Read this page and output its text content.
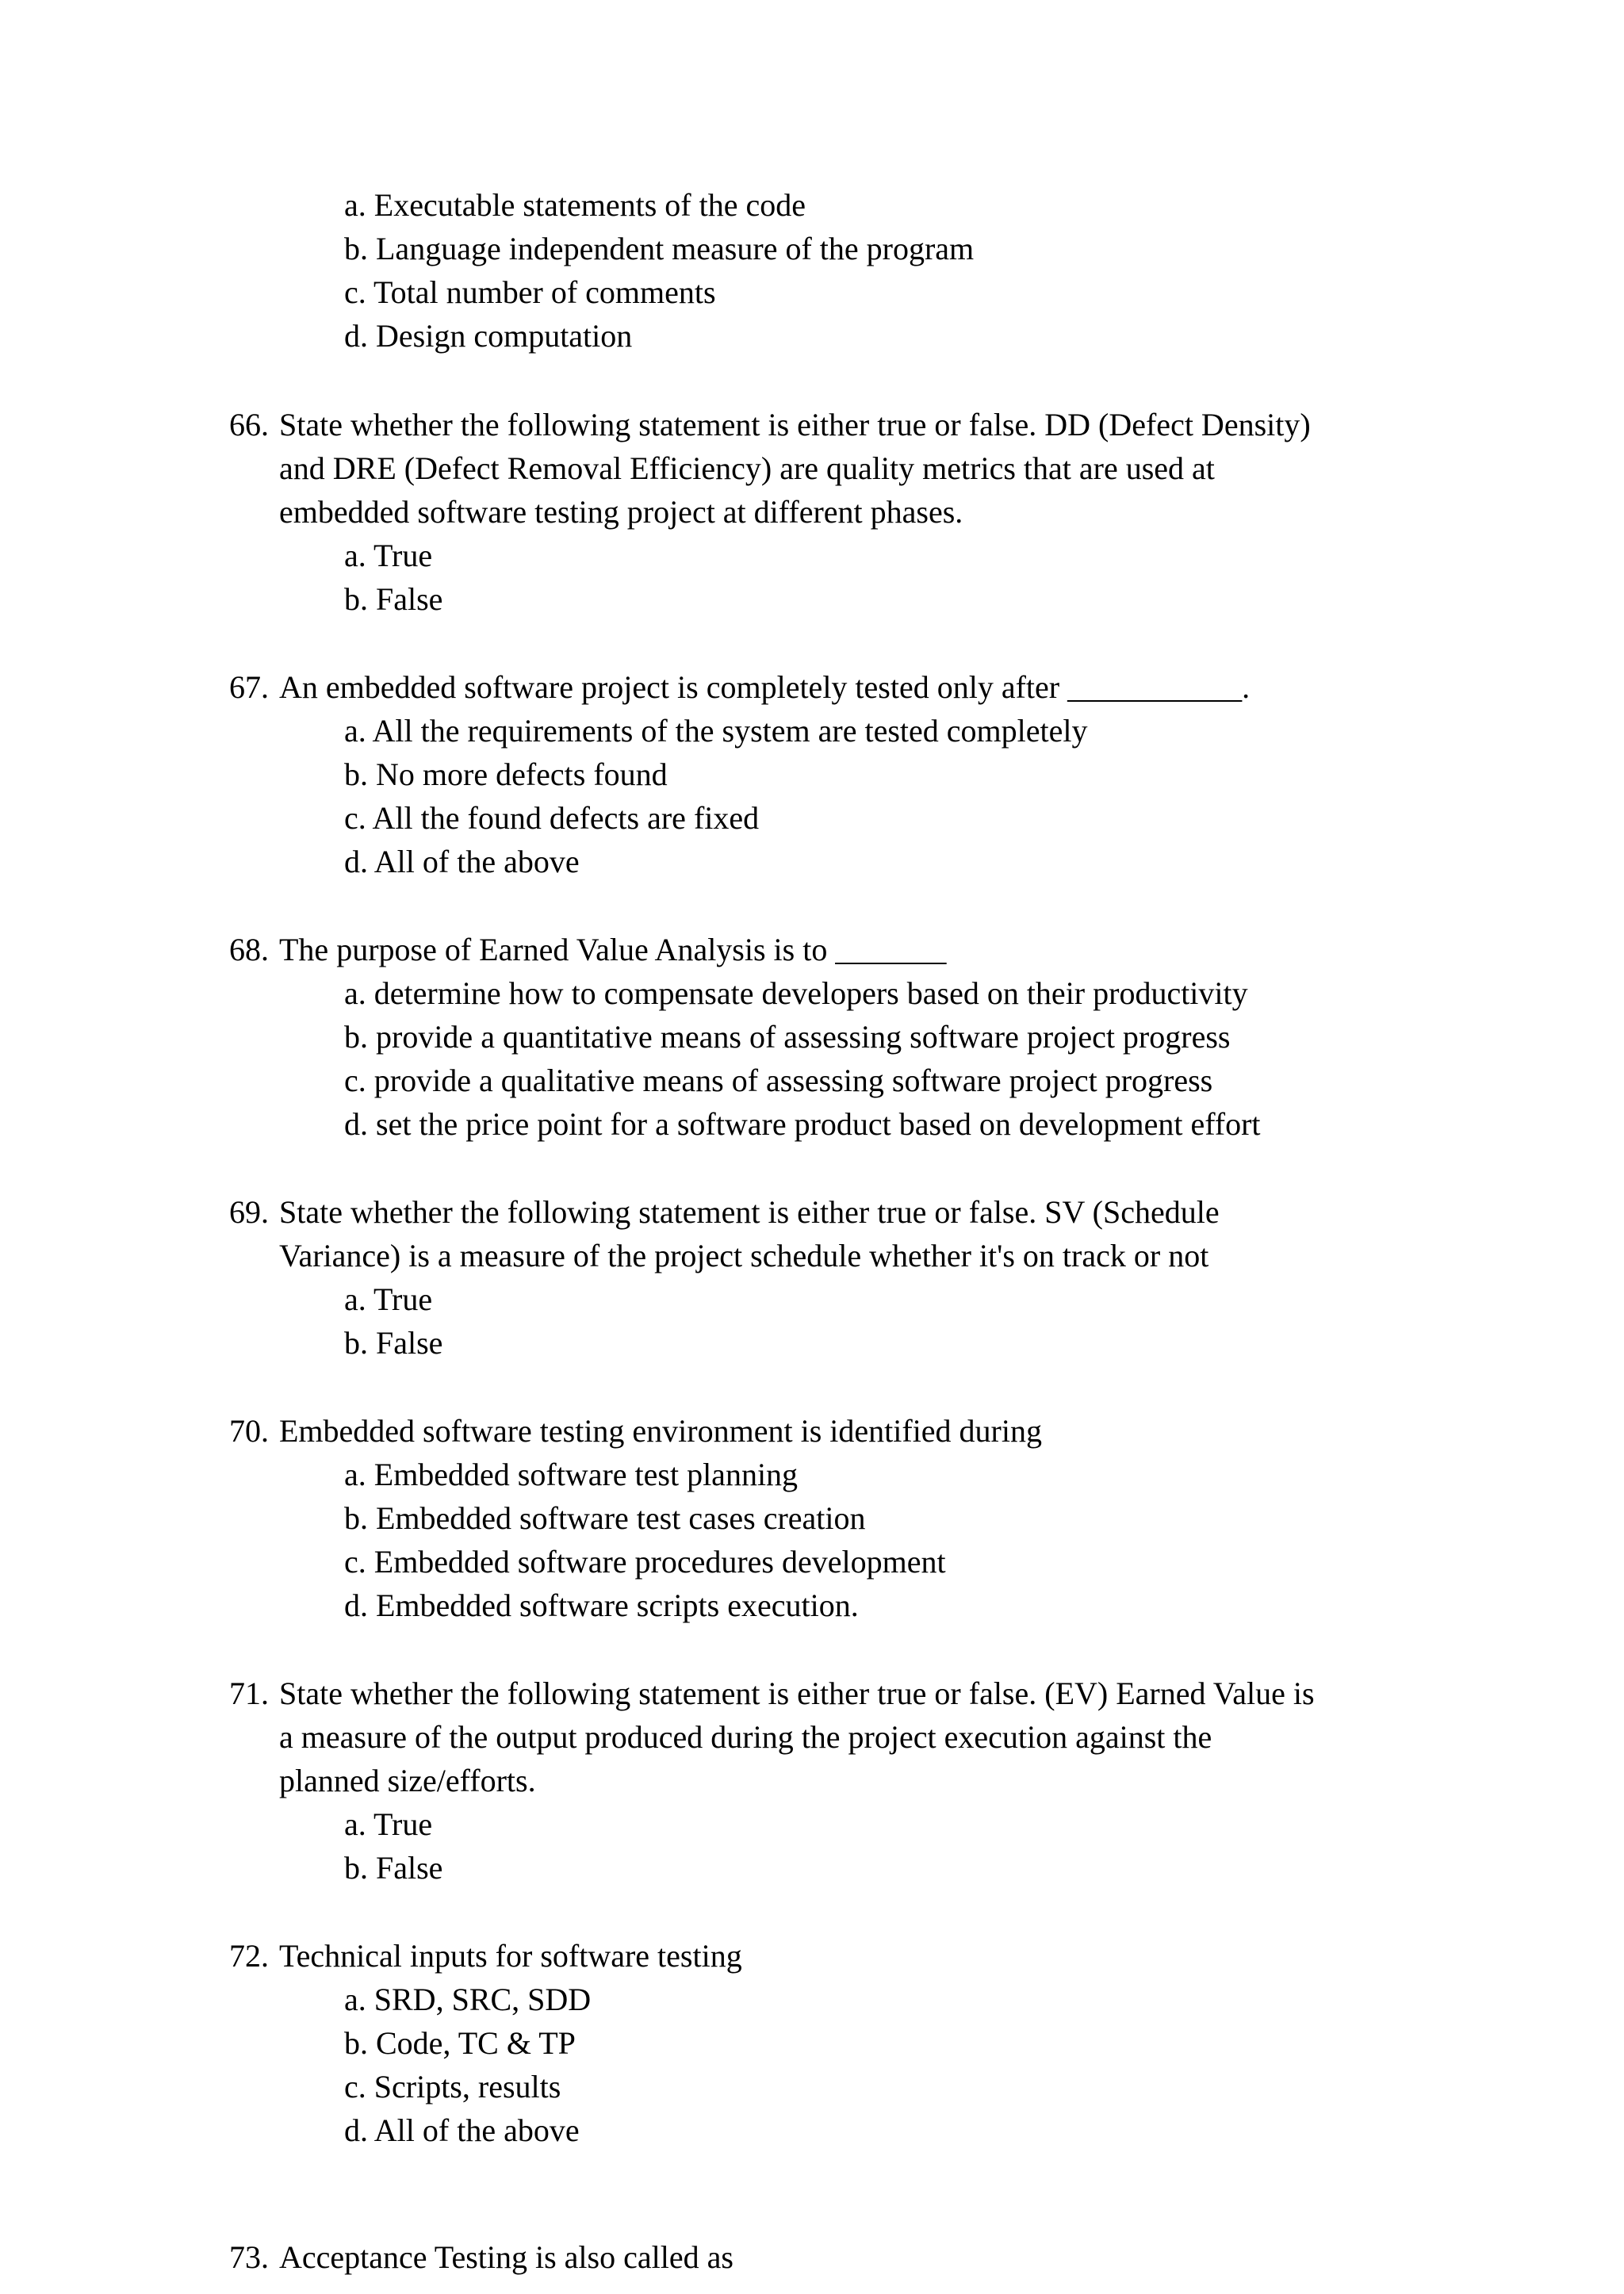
a. Executable statements of the code
b. Language independent measure of the program
c. Total number of comments
d. Design computation
66. State whether the following statement is either true or false. DD (Defect Density)
and DRE (Defect Removal Efficiency) are quality metrics that are used at
embedded software testing project at different phases.
a. True
b. False
67. An embedded software project is completely tested only after ___________.
a. All the requirements of the system are tested completely
b. No more defects found
c. All the found defects are fixed
d. All of the above
68. The purpose of Earned Value Analysis is to _______
a. determine how to compensate developers based on their productivity
b. provide a quantitative means of assessing software project progress
c. provide a qualitative means of assessing software project progress
d. set the price point for a software product based on development effort
69. State whether the following statement is either true or false. SV (Schedule
Variance) is a measure of the project schedule whether it's on track or not
a. True
b. False
70. Embedded software testing environment is identified during
a. Embedded software test planning
b. Embedded software test cases creation
c. Embedded software procedures development
d. Embedded software scripts execution.
71. State whether the following statement is either true or false. (EV) Earned Value is
a measure of the output produced during the project execution against the
planned size/efforts.
a. True
b. False
72. Technical inputs for software testing
a. SRD, SRC, SDD
b. Code, TC & TP
c. Scripts, results
d. All of the above
73. Acceptance Testing is also called as
